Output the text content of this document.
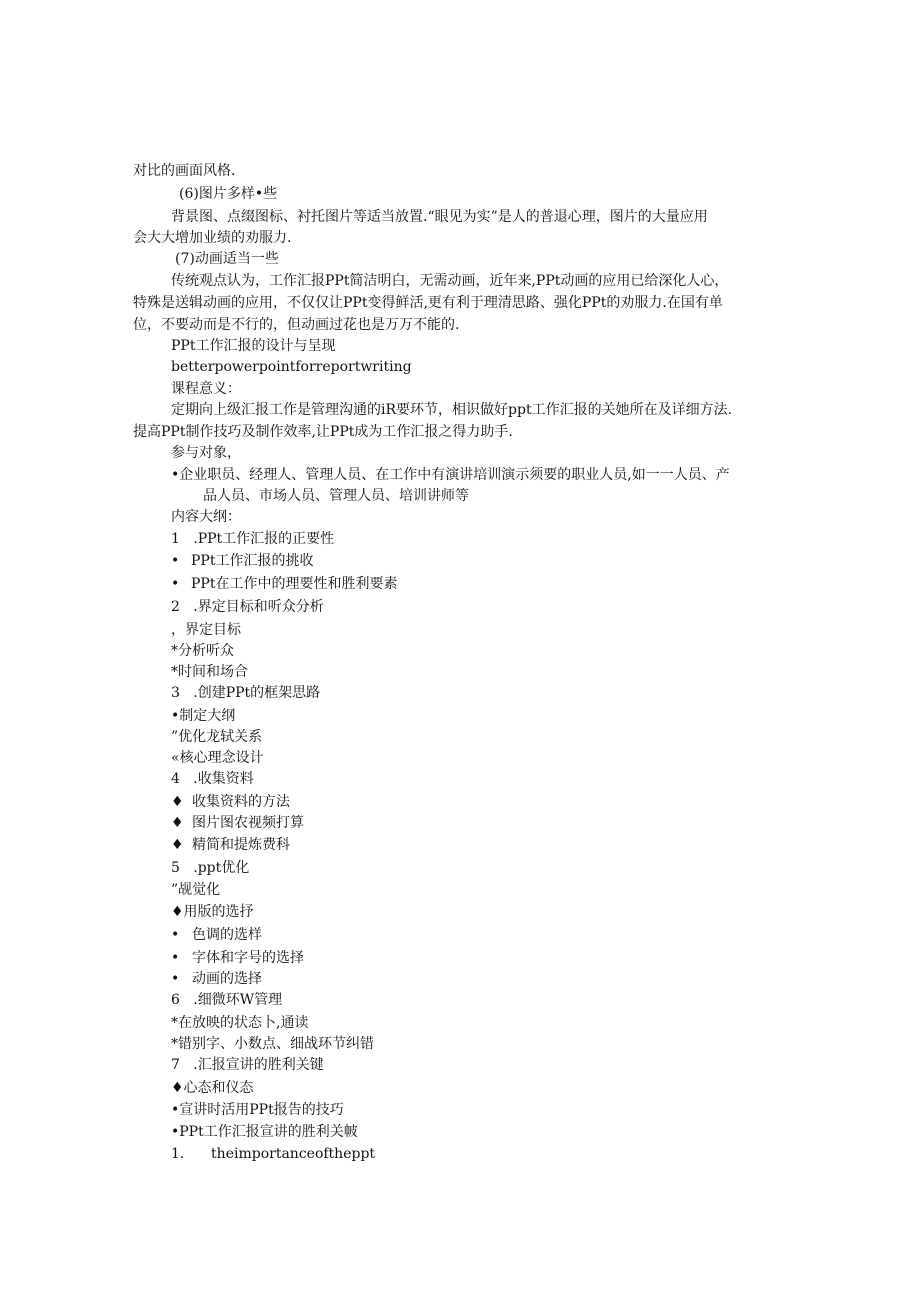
对比的画面风格.

(6)图片多样•些

背景图、点缀图标、衬托图片等适当放置.“眼见为实”是人的普退心理，图片的大量应用

会大大增加业绩的劝服力.

(7)动画适当一些

传统观点认为，工作汇报PPt简洁明白，无需动画，近年来,PPt动画的应用已给深化人心，

特殊是送辑动画的应用，不仅仅让PPt变得鲜活,更有利于理清思路、强化PPt的劝服力.在国有单

位，不要动而是不行的，但动画过花也是万万不能的.

PPt工作汇报的设计与呈现

betterpowerpointforreportwriting

课程意义：

定期向上级汇报工作是管理沟通的iR要环节，相识做好ppt工作汇报的关她所在及详细方法.

提高PPt制作技巧及制作效率,让PPt成为工作汇报之得力助手.

参与对象，

•企业职员、经理人、管理人员、在工作中有演讲培训演示须要的职业人员,如一一人员、产

品人员、市场人员、管理人员、培训讲师等

内容大纲：

1   .PPt工作汇报的正要性

• PPt工作汇报的挑收

• PPt在工作中的理要性和胜利要素

2   .界定目标和听众分析

，界定目标

*分析听众

*时间和场合

3   .创建PPt的框架思路

•制定大纲

”优化龙轼关系

«核心理念设计

4   .收集资料

♦ 收集资料的方法

♦ 图片图农视频打算

♦ 精简和提炼费科

5   .ppt优化

”觇觉化

♦用版的选抒

• 色调的选样

• 字体和字号的选择

• 动画的选择

6   .细微环W管理

*在放映的状态卜,通读

*错别字、小数点、细战环节纠错

7   .汇报宣讲的胜利关键

♦心态和仪态

•宣讲时活用PPt报告的技巧

•PPt工作汇报宣讲的胜利关帔

1.      theimportanceoftheppt
